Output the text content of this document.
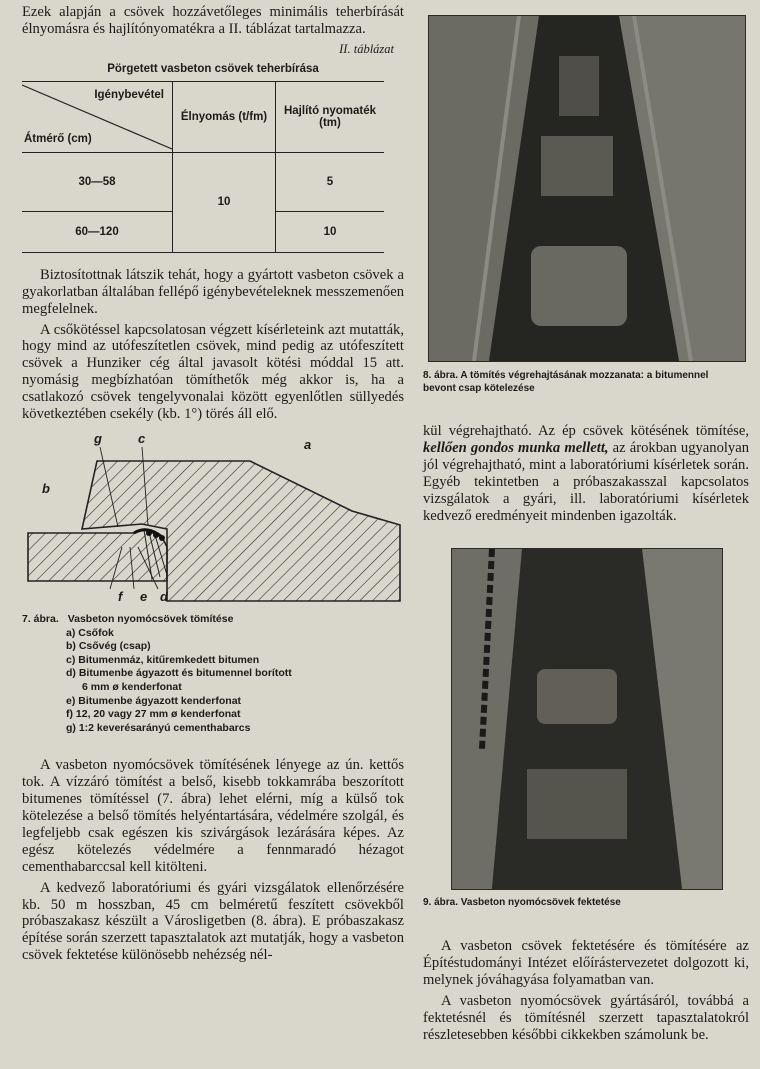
Ezek alapján a csövek hozzávetőleges minimális teherbírását élnyomásra és hajlítónyomatékra a II. táblázat tartalmazza.

II. táblázat
Pörgetett vasbeton csövek teherbírása
Igénybevétel
Átmérő (cm)	Élnyomás (t/fm)	Hajlító nyomaték (tm)
30—58	10	5
60—120		10

Biztosítottnak látszik tehát, hogy a gyártott vasbeton csövek a gyakorlatban általában fellépő igénybevételeknek messzemenően megfelelnek.

A csőkötéssel kapcsolatosan végzett kísérleteink azt mutatták, hogy mind az utófeszítetlen csövek, mind pedig az utófeszített csövek a Hunziker cég által javasolt kötési móddal 15 att. nyomásig megbízhatóan tömíthetők még akkor is, ha a csatlakozó csövek tengelyvonalai között egyenlőtlen süllyedés következtében csekély (kb. 1°) törés áll elő.

g	c	a
b
f e d
7. ábra. Vasbeton nyomócsövek tömítése
a) Csőfok
b) Csővég (csap)
c) Bitumenmáz, kitűremkedett bitumen
d) Bitumenbe ágyazott és bitumennel borított
6 mm ø kenderfonat
e) Bitumenbe ágyazott kenderfonat
f) 12, 20 vagy 27 mm ø kenderfonat
g) 1:2 keverésarányú cementhabarcs

A vasbeton nyomócsövek tömítésének lényege az ún. kettős tok. A vízzáró tömítést a belső, kisebb tokkamrába beszorított bitumenes tömítéssel (7. ábra) lehet elérni, míg a külső tok kötelezése a belső tömítés helyéntartására, védelmére szolgál, és legfeljebb csak egészen kis szivárgások lezárására képes. Az egész kötelezés védelmére a fennmaradó hézagot cementhabarccsal kell kitölteni.

A kedvező laboratóriumi és gyári vizsgálatok ellenőrzésére kb. 50 m hosszban, 45 cm belméretű feszített csövekből próbaszakasz készült a Városligetben (8. ábra). E próbaszakasz építése során szerzett tapasztalatok azt mutatják, hogy a vasbeton csövek fektetése különösebb nehézség nél-

8. ábra. A tömítés végrehajtásának mozzanata: a bitumennel bevont csap kötelezése

kül végrehajtható. Az ép csövek kötésének tömítése, kellően gondos munka mellett, az árokban ugyanolyan jól végrehajtható, mint a laboratóriumi kísérletek során. Egyéb tekintetben a próbaszakasszal kapcsolatos vizsgálatok a gyári, ill. laboratóriumi kísérletek kedvező eredményeit mindenben igazolták.

9. ábra. Vasbeton nyomócsövek fektetése

A vasbeton csövek fektetésére és tömítésére az Építéstudományi Intézet előírástervezetet dolgozott ki, melynek jóváhagyása folyamatban van.

A vasbeton nyomócsövek gyártásáról, továbbá a fektetésnél és tömítésnél szerzett tapasztalatokról részletesebben későbbi cikkekben számolunk be.
